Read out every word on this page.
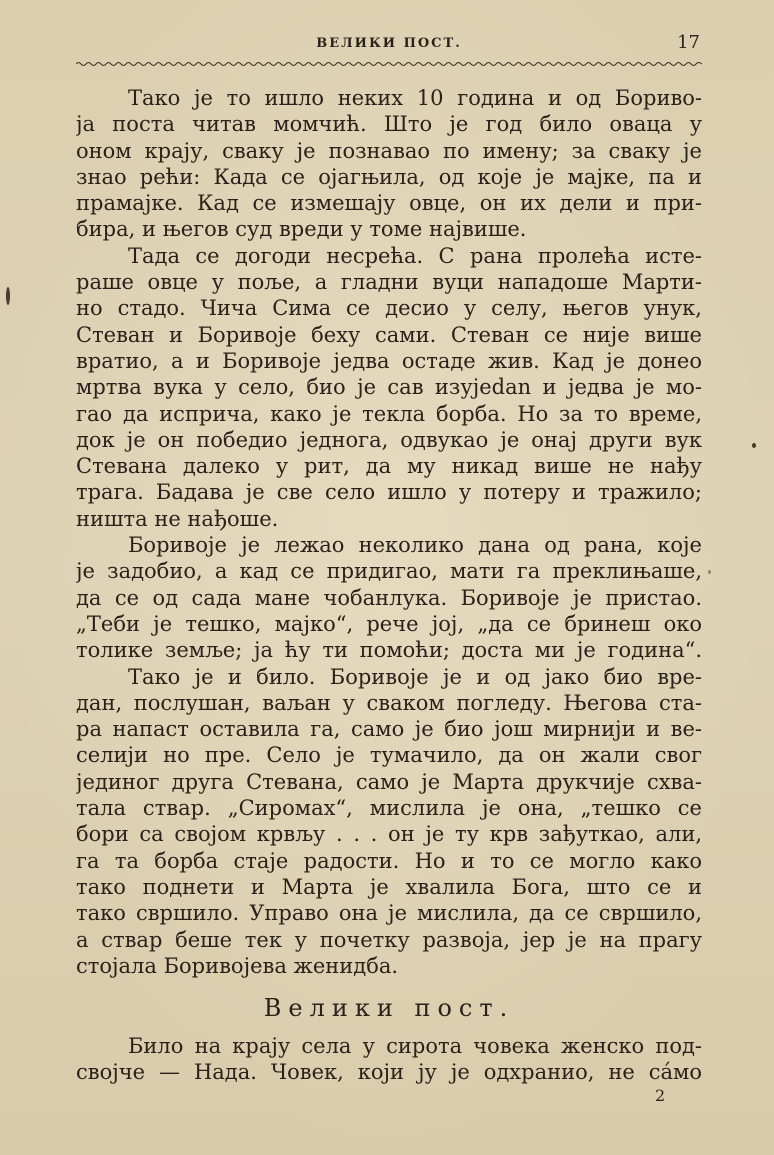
ВЕЛИКИ ПОСТ.	17
Тако је то ишло неких 10 година и од Бориво-
ја поста читав момчић. Што је год било оваца у
оном крају, сваку је познавао по имену; за сваку је
знао рећи: Када се ојагњила, од које је мајке, па и
прамајке. Кад се измешају овце, он их дели и при-
бира, и његов суд вреди у томе највише.
Тада се догоди несрећа. С рана пролећа исте-
раше овце у поље, а гладни вуци нападоше Марти-
но стадо. Чича Сима се десио у селу, његов унук,
Стеван и Боривоје беху сами. Стеван се није више
вратио, а и Боривоје једва остаде жив. Кад је донео
мртва вука у село, био је сав изујedan и једва је мо-
гао да исприча, како је текла борба. Но за то време,
док је он победио једнога, одвукао је онај други вук
Стевана далеко у рит, да му никад више не нађу
трага. Бадава је све село ишло у потеру и тражило;
ништа не нађоше.
Боривоје је лежао неколико дана од рана, које
је задобио, а кад се придигао, мати га преклињаше,
да се од сада мане чобанлука. Боривоје је пристао.
„Теби је тешко, мајко“, рече јој, „да се бринеш око
толике земље; ја ћу ти помоћи; доста ми је година“.
Тако је и било. Боривоје је и од јако био вре-
дан, послушан, ваљан у сваком погледу. Његова ста-
ра напаст оставила га, само је био још мирнији и ве-
селији но пре. Село је тумачило, да он жали свог
јединог друга Стевана, само је Марта друкчије схва-
тала ствар. „Сиромах“, мислила је она, „тешко се
бори са својом крвљу . . . он је ту крв зађуткао, али,
га та борба стаје радости. Но и то се могло како
тако поднети и Марта је хвалила Бога, што се и
тако свршило. Управо она је мислила, да се свршило,
а ствар беше тек у почетку развоја, јер је на прагу
стојала Боривојева женидба.
Велики пост.
Било на крају села у сирота човека женско под-
својче — Нада. Човек, који ју је одхранио, не сáмо
2
